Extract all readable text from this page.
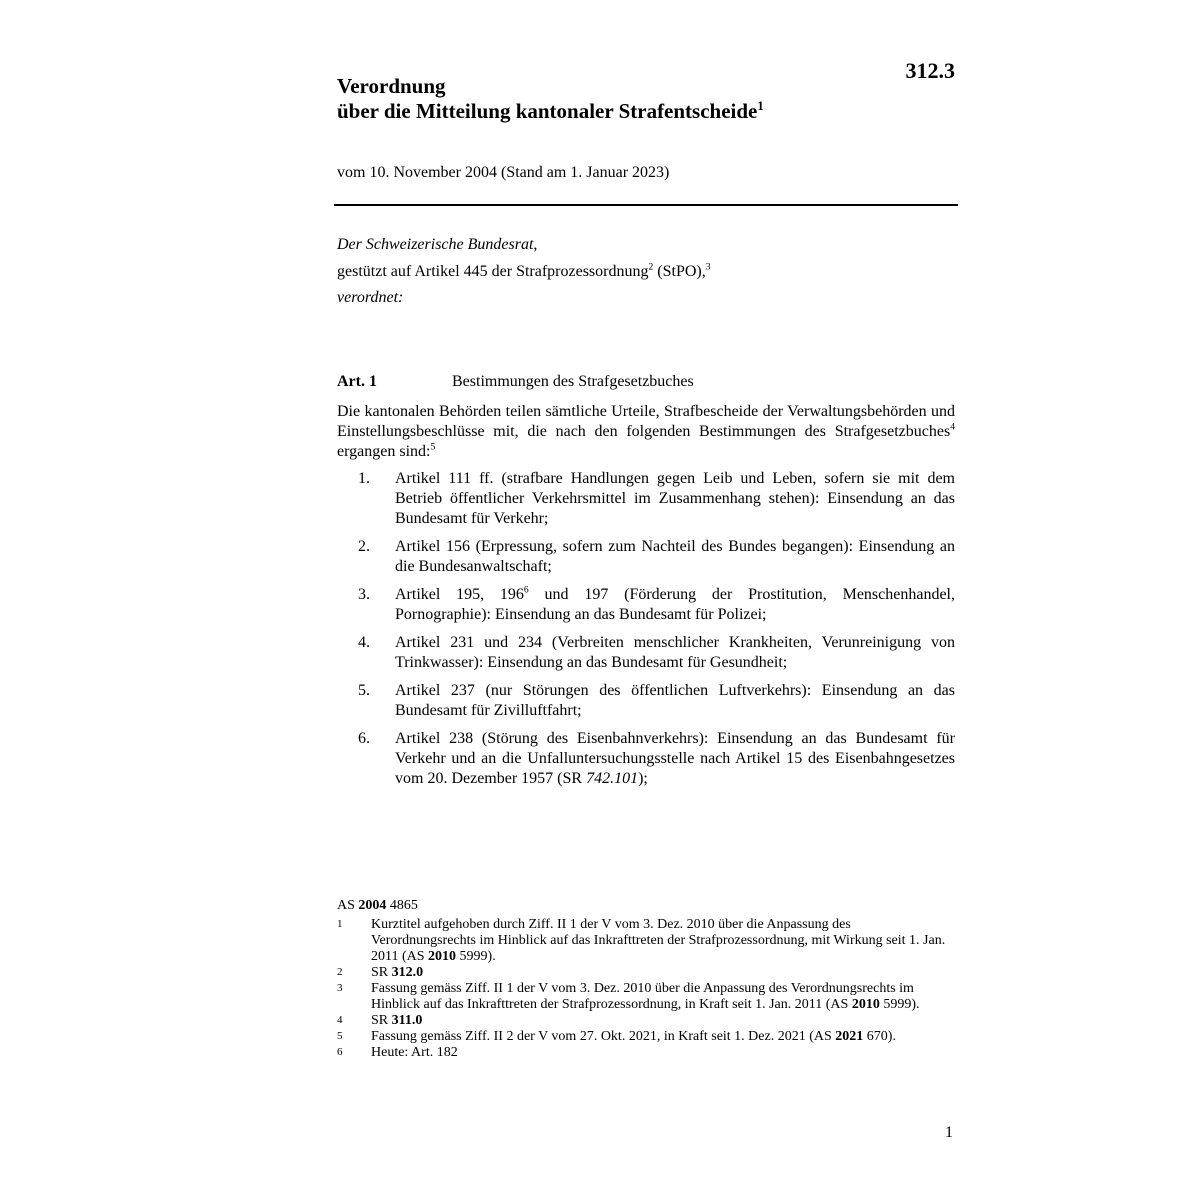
312.3
Verordnung
über die Mitteilung kantonaler Strafentscheide$^1$
vom 10. November 2004 (Stand am 1. Januar 2023)
Der Schweizerische Bundesrat,
gestützt auf Artikel 445 der Strafprozessordnung$^2$ (StPO),$^3$
verordnet:
Art. 1	Bestimmungen des Strafgesetzbuches
Die kantonalen Behörden teilen sämtliche Urteile, Strafbescheide der Verwaltungsbehörden und Einstellungsbeschlüsse mit, die nach den folgenden Bestimmungen des Strafgesetzbuches$^4$ ergangen sind:$^5$
1. Artikel 111 ff. (strafbare Handlungen gegen Leib und Leben, sofern sie mit dem Betrieb öffentlicher Verkehrsmittel im Zusammenhang stehen): Einsendung an das Bundesamt für Verkehr;
2. Artikel 156 (Erpressung, sofern zum Nachteil des Bundes begangen): Einsendung an die Bundesanwaltschaft;
3. Artikel 195, $196^6$ und 197 (Förderung der Prostitution, Menschenhandel, Pornographie): Einsendung an das Bundesamt für Polizei;
4. Artikel 231 und 234 (Verbreiten menschlicher Krankheiten, Verunreinigung von Trinkwasser): Einsendung an das Bundesamt für Gesundheit;
5. Artikel 237 (nur Störungen des öffentlichen Luftverkehrs): Einsendung an das Bundesamt für Zivilluftfahrt;
6. Artikel 238 (Störung des Eisenbahnverkehrs): Einsendung an das Bundesamt für Verkehr und an die Unfalluntersuchungsstelle nach Artikel 15 des Eisenbahngesetzes vom 20. Dezember 1957 (SR 742.101);
AS 2004 4865
1 Kurztitel aufgehoben durch Ziff. II 1 der V vom 3. Dez. 2010 über die Anpassung des Verordnungsrechts im Hinblick auf das Inkrafttreten der Strafprozessordnung, mit Wirkung seit 1. Jan. 2011 (AS 2010 5999).
2 SR 312.0
3 Fassung gemäss Ziff. II 1 der V vom 3. Dez. 2010 über die Anpassung des Verordnungsrechts im Hinblick auf das Inkrafttreten der Strafprozessordnung, in Kraft seit 1. Jan. 2011 (AS 2010 5999).
4 SR 311.0
5 Fassung gemäss Ziff. II 2 der V vom 27. Okt. 2021, in Kraft seit 1. Dez. 2021 (AS 2021 670).
6 Heute: Art. 182
1
